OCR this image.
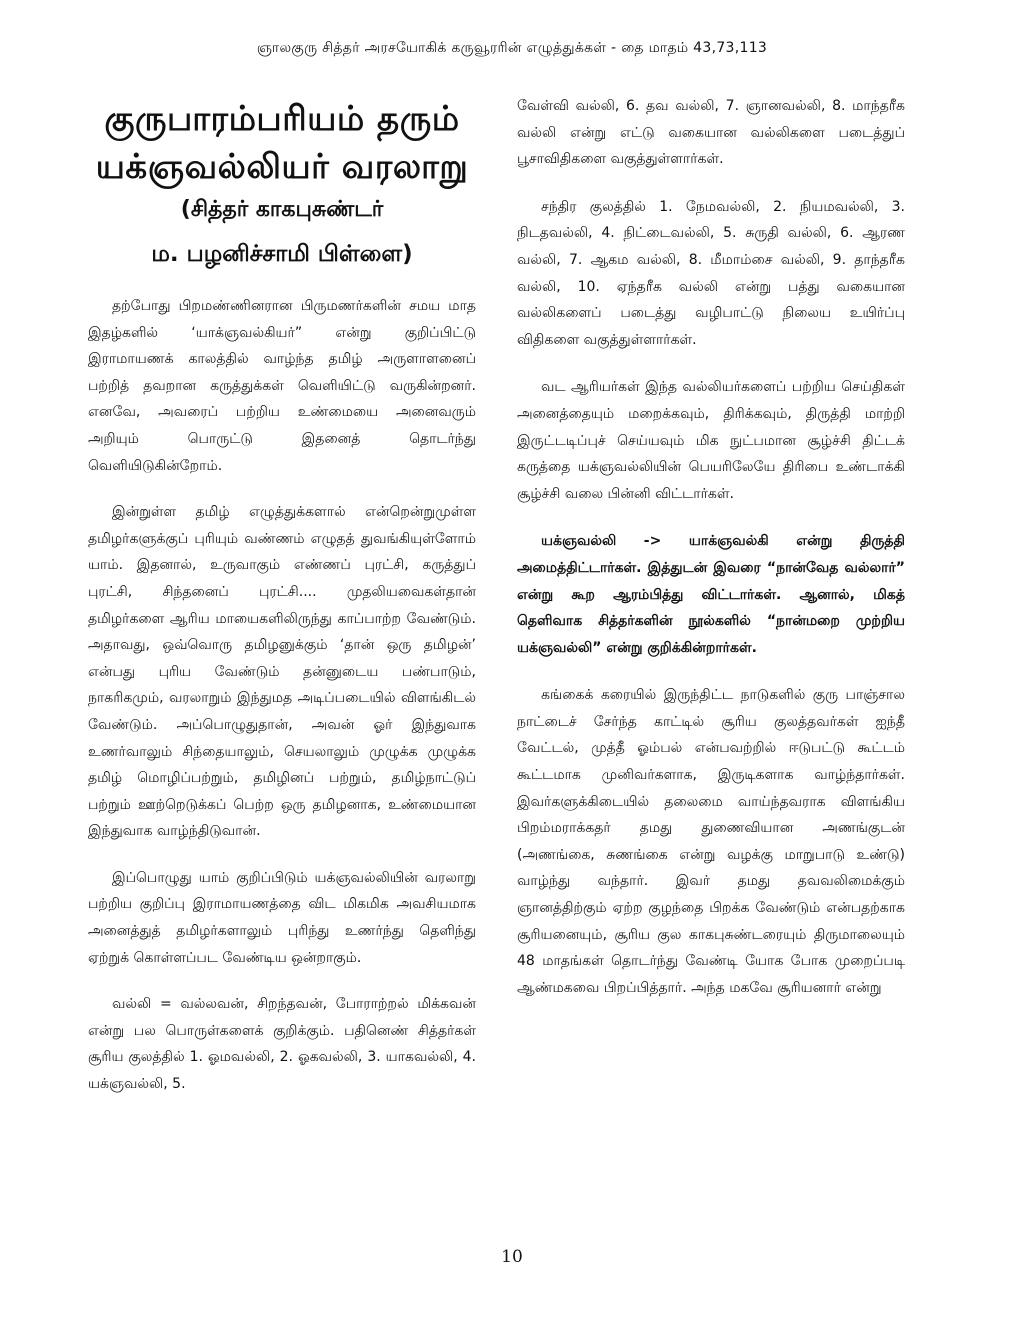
ஞாலகுரு சித்தர் அரசயோகிக் கருவூரரின் எழுத்துக்கள் - தை மாதம் 43,73,113
குருபாரம்பரியம் தரும்
யக்ஞவல்லியர் வரலாறு
(சித்தர் காகபுசுண்டர்
ம. பழனிச்சாமி பிள்ளை)

தற்போது பிறமண்ணினரான பிருமணர்களின் சமய மாத இதழ்களில் ‘யாக்ஞவல்கியர்” என்று குறிப்பிட்டு இராமாயணக் காலத்தில் வாழ்ந்த தமிழ் அருளாளனைப் பற்றித் தவறான கருத்துக்கள் வெளியிட்டு வருகின்றனர். எனவே, அவரைப் பற்றிய உண்மையை அனைவரும் அறியும் பொருட்டு இதனைத் தொடர்ந்து வெளியிடுகின்றோம்.

இன்றுள்ள தமிழ் எழுத்துக்களால் என்றென்றுமுள்ள தமிழர்களுக்குப் புரியும் வண்ணம் எழுதத் துவங்கியுள்ளோம் யாம். இதனால், உருவாகும் எண்ணப் புரட்சி, கருத்துப் புரட்சி, சிந்தனைப் புரட்சி.... முதலியவைகள்தான் தமிழர்களை ஆரிய மாயைகளிலிருந்து காப்பாற்ற வேண்டும். அதாவது, ஒவ்வொரு தமிழனுக்கும் ‘தான் ஒரு தமிழன்’ என்பது புரிய வேண்டும் தன்னுடைய பண்பாடும், நாகரிகமும், வரலாறும் இந்துமத அடிப்படையில் விளங்கிடல் வேண்டும். அப்பொழுதுதான், அவன் ஓர் இந்துவாக உணர்வாலும் சிந்தையாலும், செயலாலும் முழுக்க முழுக்க தமிழ் மொழிப்பற்றும், தமிழினப் பற்றும், தமிழ்நாட்டுப் பற்றும் ஊற்றெடுக்கப் பெற்ற ஒரு தமிழனாக, உண்மையான இந்துவாக வாழ்ந்திடுவான்.

இப்பொழுது யாம் குறிப்பிடும் யக்ஞவல்லியின் வரலாறு பற்றிய குறிப்பு இராமாயணத்தை விட மிகமிக அவசியமாக அனைத்துத் தமிழர்களாலும் புரிந்து உணர்ந்து தெளிந்து ஏற்றுக் கொள்ளப்பட வேண்டிய ஒன்றாகும்.

வல்லி = வல்லவன், சிறந்தவன், போராற்றல் மிக்கவன் என்று பல பொருள்களைக் குறிக்கும். பதினெண் சித்தர்கள் சூரிய குலத்தில் 1. ஓமவல்லி, 2. ஓகவல்லி, 3. யாகவல்லி, 4. யக்ஞவல்லி, 5.

வேள்வி வல்லி, 6. தவ வல்லி, 7. ஞானவல்லி, 8. மாந்தரீக வல்லி என்று எட்டு வகையான வல்லிகளை படைத்துப் பூசாவிதிகளை வகுத்துள்ளார்கள்.

சந்திர குலத்தில் 1. நேமவல்லி, 2. நியமவல்லி, 3. நிடதவல்லி, 4. நிட்டைவல்லி, 5. சுருதி வல்லி, 6. ஆரண வல்லி, 7. ஆகம வல்லி, 8. மீமாம்சை வல்லி, 9. தாந்தரீக வல்லி, 10. ஏந்தரீக வல்லி என்று பத்து வகையான வல்லிகளைப் படைத்து வழிபாட்டு நிலைய உயிர்ப்பு விதிகளை வகுத்துள்ளார்கள்.

வட ஆரியர்கள் இந்த வல்லியர்களைப் பற்றிய செய்திகள் அனைத்தையும் மறைக்கவும், திரிக்கவும், திருத்தி மாற்றி இருட்டடிப்புச் செய்யவும் மிக நுட்பமான சூழ்ச்சி திட்டக் கருத்தை யக்ஞவல்லியின் பெயரிலேயே திரிபை உண்டாக்கி சூழ்ச்சி வலை பின்னி விட்டார்கள்.

யக்ஞவல்லி -> யாக்ஞவல்கி என்று திருத்தி அமைத்திட்டார்கள். இத்துடன் இவரை “நான்வேத வல்லார்” என்று கூற ஆரம்பித்து விட்டார்கள். ஆனால், மிகத் தெளிவாக சித்தர்களின் நூல்களில் “நான்மறை முற்றிய யக்ஞவல்லி” என்று குறிக்கின்றார்கள்.

கங்கைக் கரையில் இருந்திட்ட நாடுகளில் குரு பாஞ்சால நாட்டைச் சேர்ந்த காட்டில் சூரிய குலத்தவர்கள் ஐந்தீ வேட்டல், முத்தீ ஓம்பல் என்பவற்றில் ஈடுபட்டு கூட்டம் கூட்டமாக முனிவர்களாக, இருடிகளாக வாழ்ந்தார்கள். இவர்களுக்கிடையில் தலைமை வாய்ந்தவராக விளங்கிய பிறம்மராக்கதர் தமது துணைவியான அணங்குடன் (அணங்கை, சுணங்கை என்று வழக்கு மாறுபாடு உண்டு) வாழ்ந்து வந்தார். இவர் தமது தவவலிமைக்கும் ஞானத்திற்கும் ஏற்ற குழந்தை பிறக்க வேண்டும் என்பதற்காக சூரியனையும், சூரிய குல காகபுசுண்டரையும் திருமாலையும் 48 மாதங்கள் தொடர்ந்து வேண்டி யோக போக முறைப்படி ஆண்மகவை பிறப்பித்தார். அந்த மகவே சூரியனார் என்று

10
